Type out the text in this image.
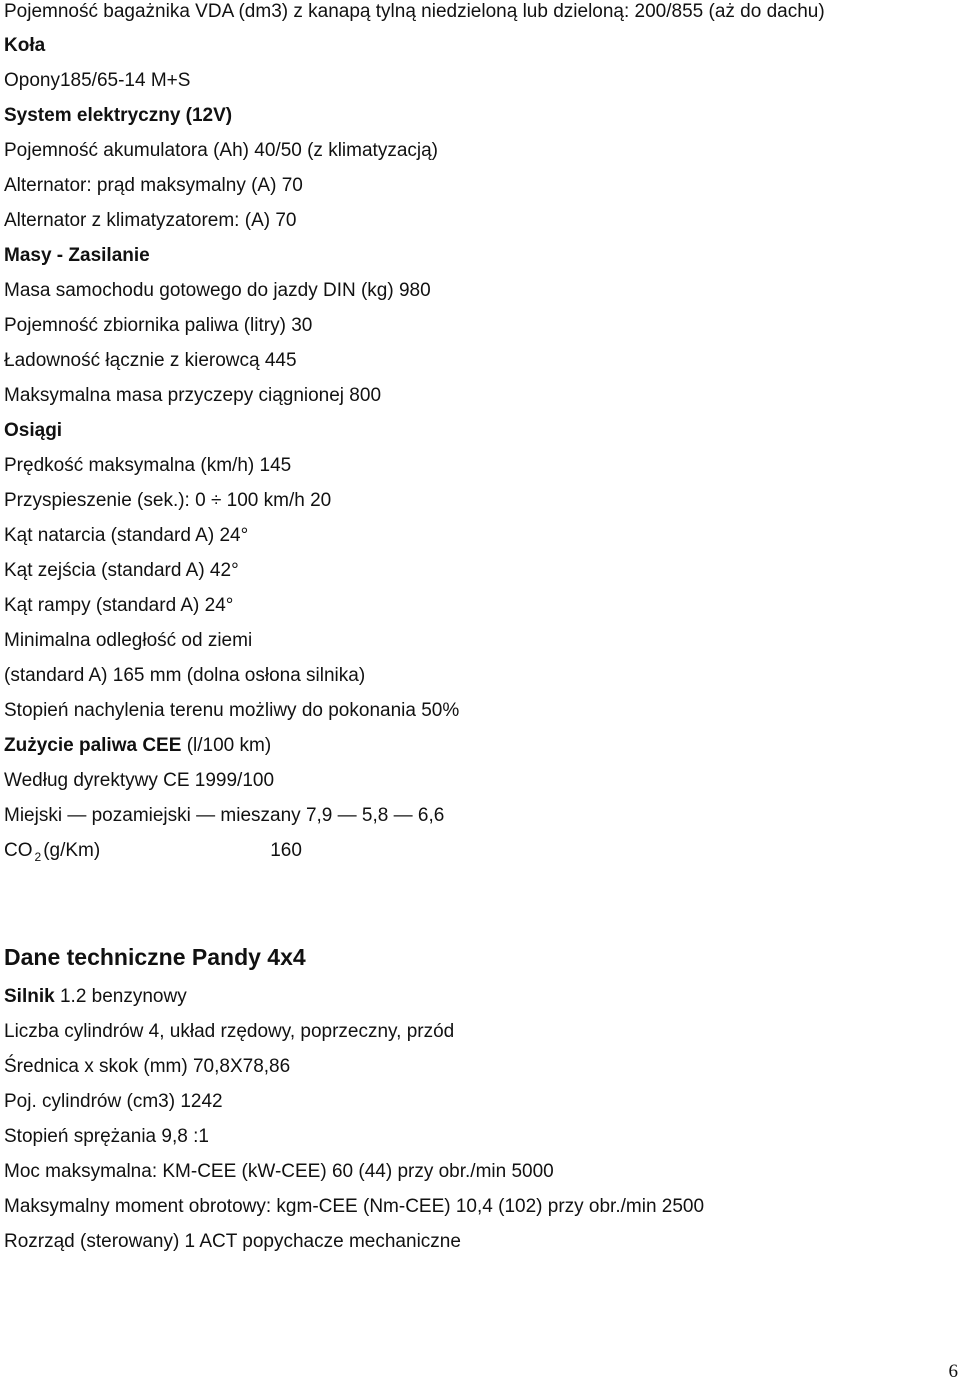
Pojemność bagażnika VDA (dm3) z kanapą tylną niedzieloną lub dzieloną: 200/855 (aż do dachu)
Koła
Opony185/65-14 M+S
System elektryczny (12V)
Pojemność akumulatora (Ah) 40/50 (z klimatyzacją)
Alternator: prąd maksymalny (A) 70
Alternator z klimatyzatorem: (A) 70
Masy - Zasilanie
Masa samochodu gotowego do jazdy DIN (kg) 980
Pojemność zbiornika paliwa (litry) 30
Ładowność łącznie z kierowcą 445
Maksymalna masa przyczepy ciągnionej 800
Osiągi
Prędkość maksymalna (km/h) 145
Przyspieszenie (sek.): 0 ÷ 100 km/h 20
Kąt natarcia (standard A) 24°
Kąt zejścia (standard A) 42°
Kąt rampy (standard A) 24°
Minimalna odległość od ziemi
(standard A) 165 mm (dolna osłona silnika)
Stopień nachylenia terenu możliwy do pokonania 50%
Zużycie paliwa CEE (l/100 km)
Według dyrektywy CE 1999/100
Miejski — pozamiejski — mieszany 7,9 — 5,8 — 6,6
CO $_2$ (g/Km)	160
Dane techniczne Pandy 4x4
Silnik 1.2 benzynowy
Liczba cylindrów 4, układ rzędowy, poprzeczny, przód
Średnica x skok (mm) 70,8X78,86
Poj. cylindrów (cm3) 1242
Stopień sprężania 9,8 :1
Moc maksymalna: KM-CEE (kW-CEE) 60 (44) przy obr./min 5000
Maksymalny moment obrotowy: kgm-CEE (Nm-CEE) 10,4 (102) przy obr./min 2500
Rozrząd (sterowany) 1 ACT popychacze mechaniczne
6
